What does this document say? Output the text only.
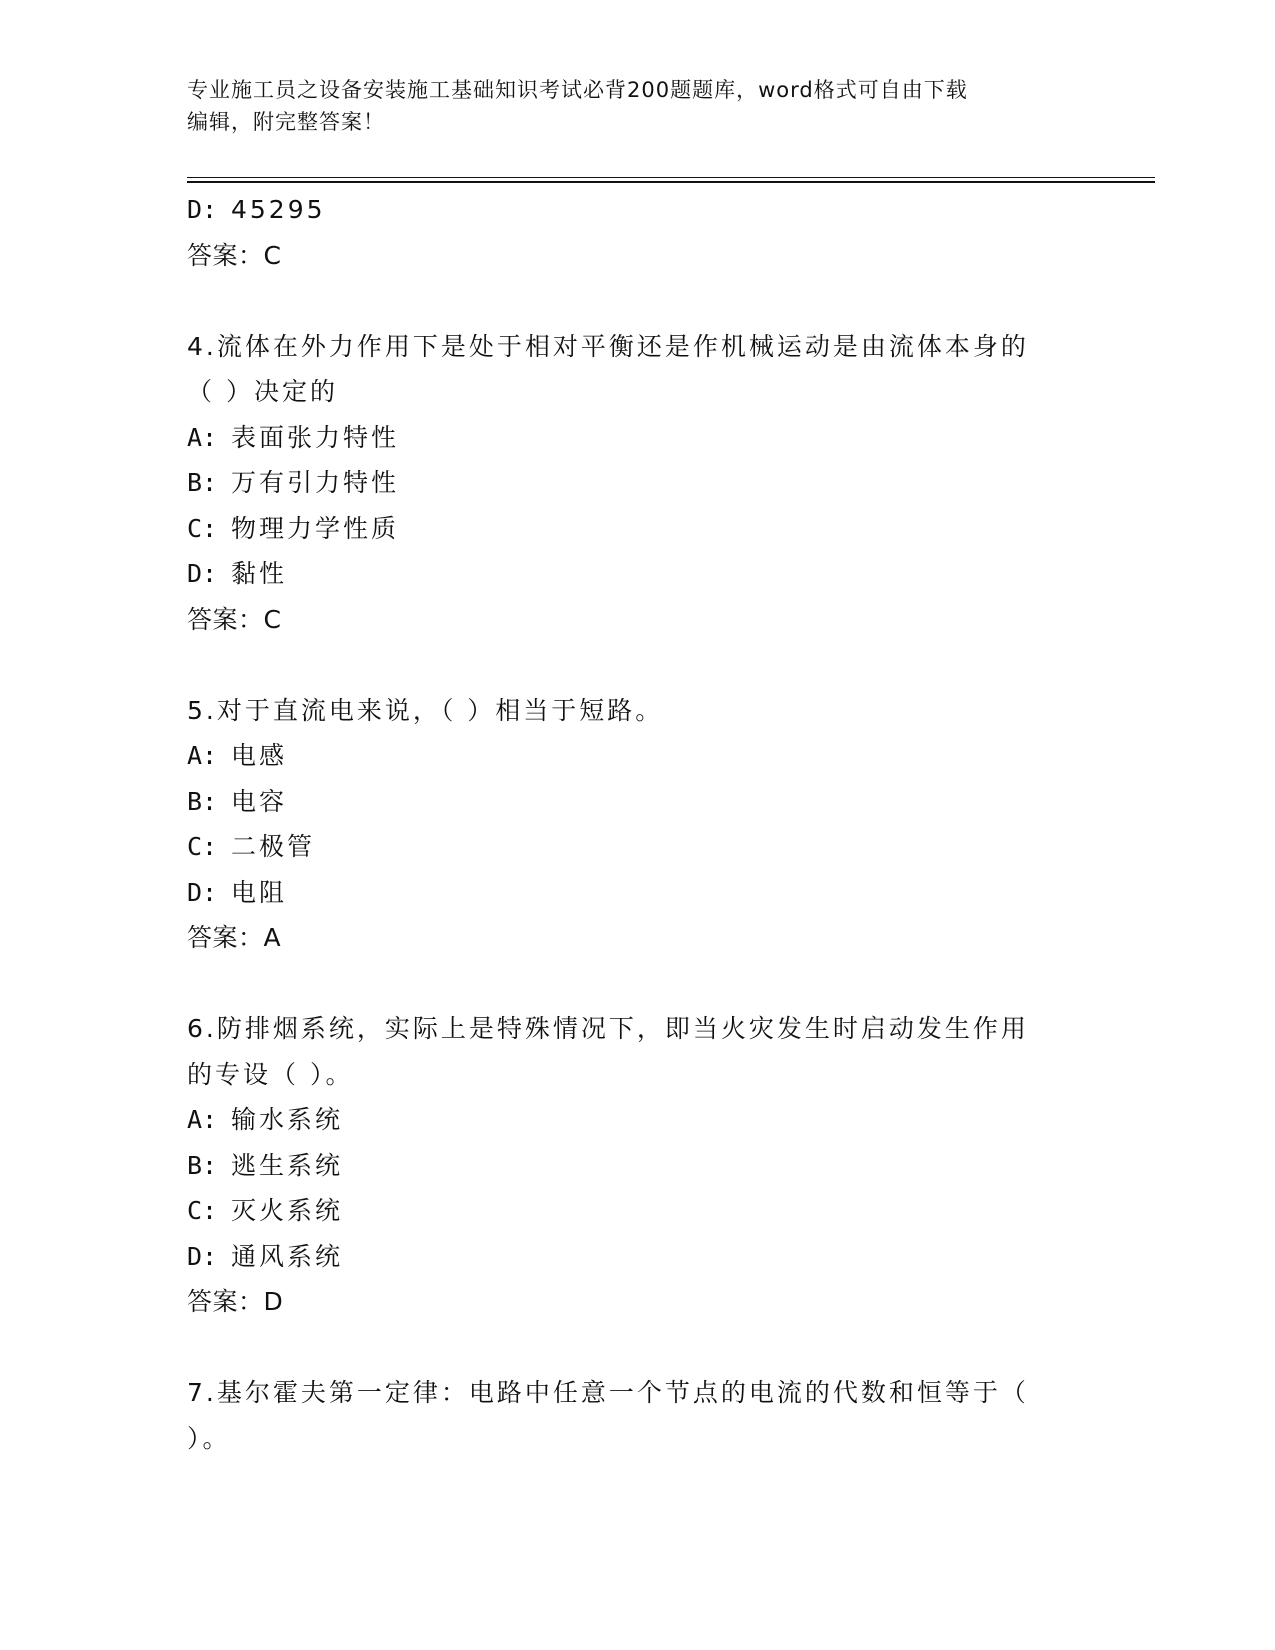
专业施工员之设备安装施工基础知识考试必背200题题库，word格式可自由下载
编辑，附完整答案！
D: 45295
答案：C
4.流体在外力作用下是处于相对平衡还是作机械运动是由流体本身的
（ ）决定的
A: 表面张力特性
B: 万有引力特性
C: 物理力学性质
D: 黏性
答案：C
5.对于直流电来说，（ ）相当于短路。
A: 电感
B: 电容
C: 二极管
D: 电阻
答案：A
6.防排烟系统，实际上是特殊情况下，即当火灾发生时启动发生作用
的专设（ ）。
A: 输水系统
B: 逃生系统
C: 灭火系统
D: 通风系统
答案：D
7.基尔霍夫第一定律：电路中任意一个节点的电流的代数和恒等于（
）。
